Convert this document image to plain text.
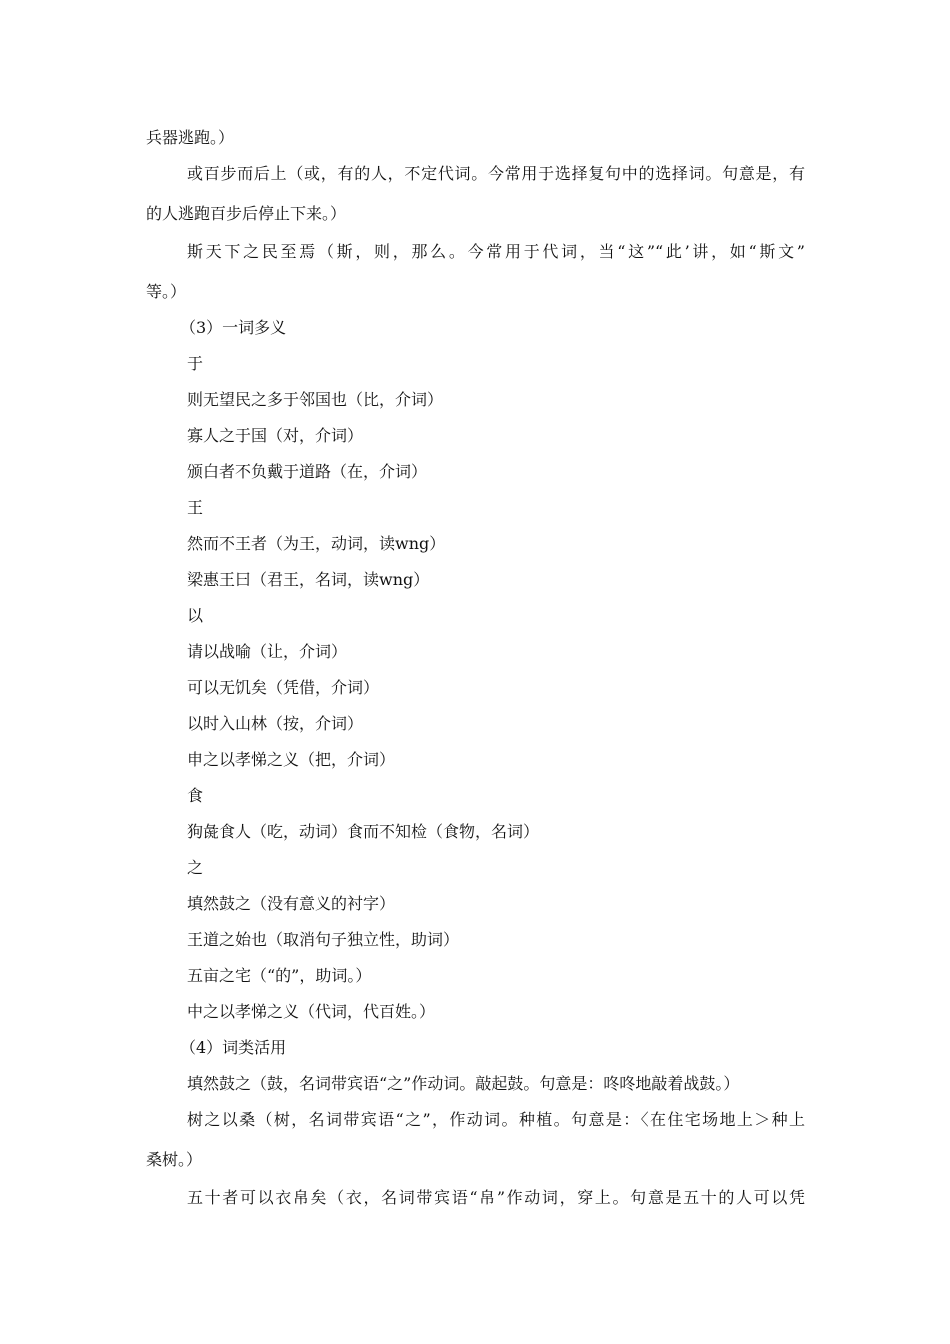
兵器逃跑。）
或百步而后上（或，有的人，不定代词。今常用于选择复句中的选择词。句意是，有
的人逃跑百步后停止下来。）
斯天下之民至焉（斯，则，那么。今常用于代词，当“这”“此’讲，如“斯文”
等。）
（3）一词多义
于
则无望民之多于邻国也（比，介词）
寡人之于国（对，介词）
颁白者不负戴于道路（在，介词）
王
然而不王者（为王，动词，读wng）
梁惠王曰（君王，名词，读wng）
以
请以战喻（让，介词）
可以无饥矣（凭借，介词）
以时入山林（按，介词）
申之以孝悌之义（把，介词）
食
狗彘食人（吃，动词）食而不知检（食物，名词）
之
填然鼓之（没有意义的衬字）
王道之始也（取消句子独立性，助词）
五亩之宅（“的”，助词。）
中之以孝悌之义（代词，代百姓。）
（4）词类活用
填然鼓之（鼓，名词带宾语“之”作动词。敲起鼓。句意是：咚咚地敲着战鼓。）
树之以桑（树，名词带宾语“之”，作动词。种植。句意是：〈在住宅场地上＞种上
桑树。）
五十者可以衣帛矣（衣，名词带宾语“帛”作动词，穿上。句意是五十的人可以凭
